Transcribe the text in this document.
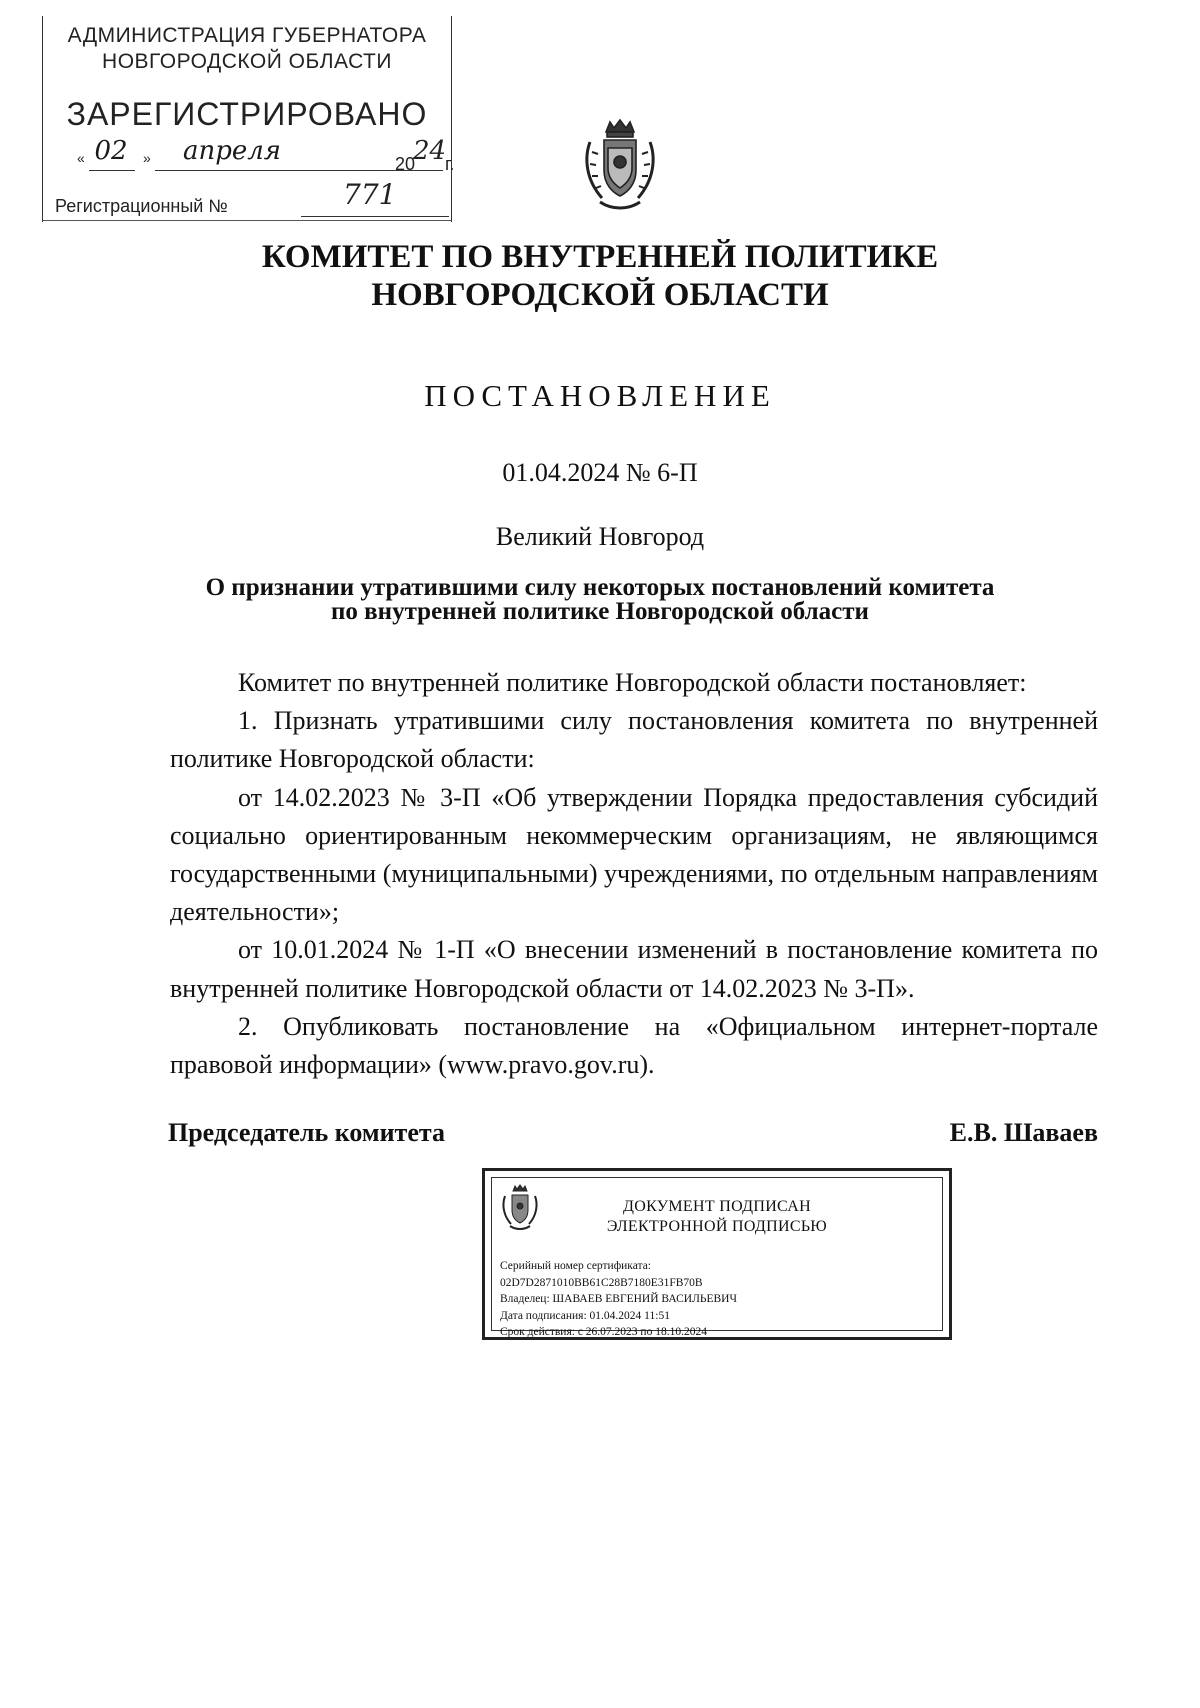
АДМИНИСТРАЦИЯ ГУБЕРНАТОРА
НОВГОРОДСКОЙ ОБЛАСТИ
ЗАРЕГИСТРИРОВАНО
« 02 »	апреля	20
24
г.
Регистрационный №	771
КОМИТЕТ ПО ВНУТРЕННЕЙ ПОЛИТИКЕ
НОВГОРОДСКОЙ ОБЛАСТИ
ПОСТАНОВЛЕНИЕ
01.04.2024 № 6-П
Великий Новгород
О признании утратившими силу некоторых постановлений комитета
по внутренней политике Новгородской области

Комитет по внутренней политике Новгородской области постановляет:

1. Признать утратившими силу постановления комитета по внутренней политике Новгородской области:

от 14.02.2023 № 3-П «Об утверждении Порядка предоставления субсидий социально ориентированным некоммерческим организациям, не являющимся государственными (муниципальными) учреждениями, по отдельным направлениям деятельности»;

от 10.01.2024 № 1-П «О внесении изменений в постановление комитета по внутренней политике Новгородской области от 14.02.2023 № 3-П».

2. Опубликовать постановление на «Официальном интернет-портале правовой информации» (www.pravo.gov.ru).

Председатель комитета	Е.В. Шаваев
ДОКУМЕНТ ПОДПИСАН
ЭЛЕКТРОННОЙ ПОДПИСЬЮ
Серийный номер сертификата:
02D7D2871010BB61C28B7180E31FB70B
Владелец: ШАВАЕВ ЕВГЕНИЙ ВАСИЛЬЕВИЧ
Дата подписания: 01.04.2024 11:51
Срок действия: с 26.07.2023 по 18.10.2024
